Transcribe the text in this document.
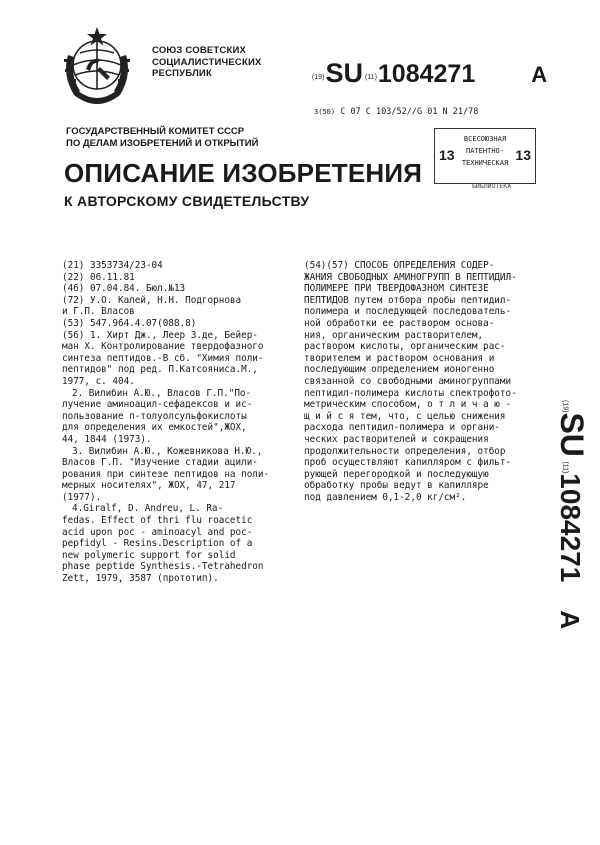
СОЮЗ СОВЕТСКИХ
СОЦИАЛИСТИЧЕСКИХ
РЕСПУБЛИК	(19)SU (11)1084271	A
3(50) С 07 С 103/52//G 01 N 21/78
ГОСУДАРСТВЕННЫЙ КОМИТЕТ СССР
ПО ДЕЛАМ ИЗОБРЕТЕНИЙ И ОТКРЫТИЙ
13
ВСЕСОЮЗНАЯ
ПАТЕНТНО-
ТЕХНИЧЕСКАЯ 13
БИБЛИОТЕКА
ОПИСАНИЕ ИЗОБРЕТЕНИЯ
К АВТОРСКОМУ СВИДЕТЕЛЬСТВУ

(21) 3353734/23-04

(22) 06.11.81

(46) 07.04.84. Бюл.№13

(72) У.О. Калей, Н.Н. Подгорнова

и Г.П. Власов

(53) 547.964.4.07(088.8)

(56) 1. Хирт Дж., Леер З.де, Бейер-

ман Х. Контролирование твердофазного

синтеза пептидов.-В сб. "Химия поли-

пептидов" под ред. П.Катсояниса.М.,

1977, с. 404.

2. Вилибин А.Ю., Власов Г.П."По-

лучение аминоацил-сефадексов и ис-

пользование п-толуолсульфокислоты

для определения их емкостей",ЖОХ,

44, 1844 (1973).

3. Вилибин А.Ю., Кожевникова Н.Ю.,

Власов Г.П. "Изучение стадии ацили-

рования при синтезе пептидов на поли-

мерных носителях", ЖОХ, 47, 217

(1977).

4.Giralf, D. Andreu, L. Ra-

fedas. Effect of thri flu roacetic

acid upon poc - aminoacyl and poc-

pepfidyl - Resins.Description of a

new polymeric support for solid

phase peptide Synthesis.-Tetrahedron

Zett, 1979, 3587 (прототип).

(54)(57) СПОСОБ ОПРЕДЕЛЕНИЯ СОДЕР-

ЖАНИЯ СВОБОДНЫХ АМИНОГРУПП В ПЕПТИДИЛ-

ПОЛИМЕРЕ ПРИ ТВЕРДОФАЗНОМ СИНТЕЗЕ

ПЕПТИДОВ путем отбора пробы пептидил-

полимера и последующей последователь-

ной обработки ее раствором основа-

ния, органическим растворителем,

раствором кислоты, органическим рас-

творителем и раствором основания и

последующим определением ионогенно

связанной со свободными аминогруппами

пептидил-полимера кислоты спектрофото-

метрическим способом, о т л и ч а ю -

щ и й с я тем, что, с целью снижения

расхода пептидил-полимера и органи-

ческих растворителей и сокращения

продолжительности определения, отбор

проб осуществляют капилляром с фильт-

рующей перегородкой и последующую

обработку пробы ведут в капилляре

под давлением 0,1-2,0 кг/см².

(19)SU (11)1084271A
